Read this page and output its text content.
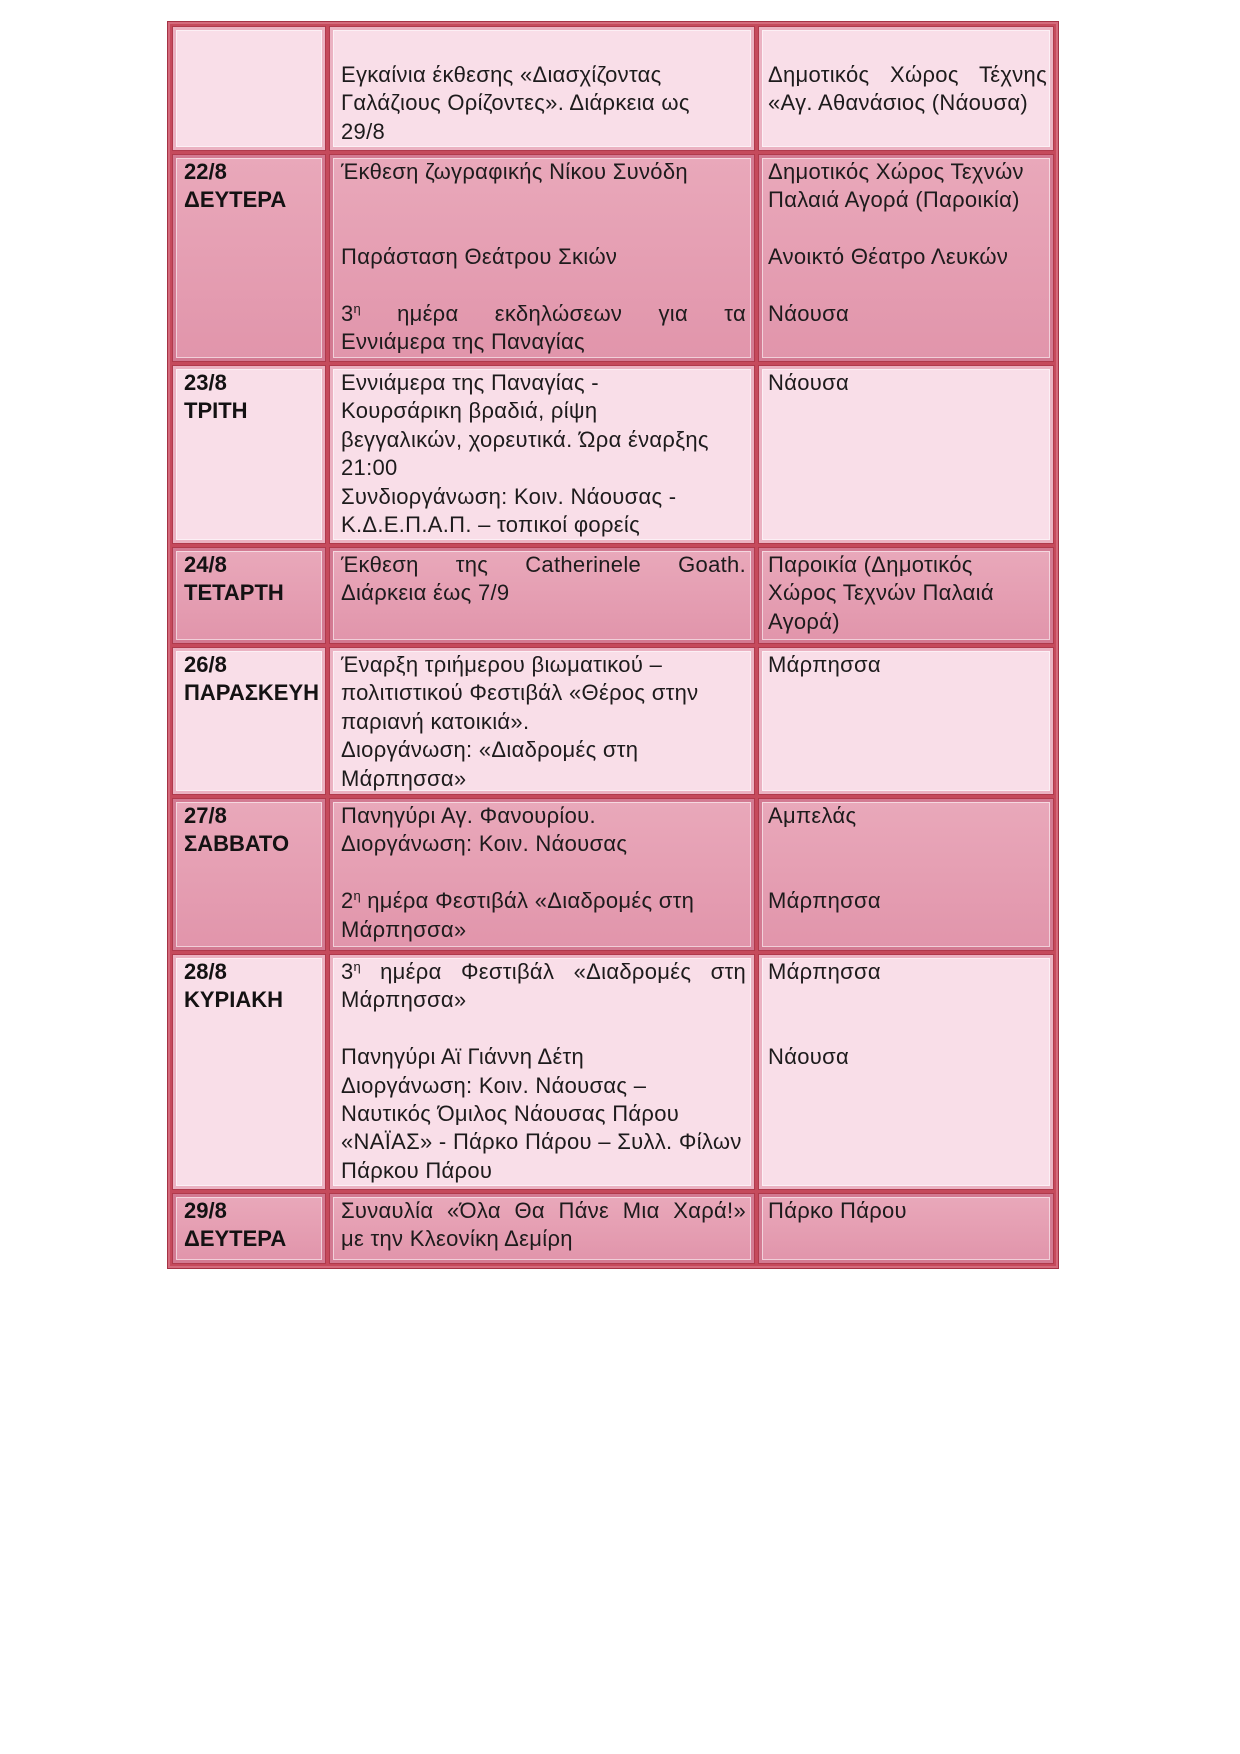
Εγκαίνια έκθεσης «Διασχίζοντας
Γαλάζιους Ορίζοντες». Διάρκεια ως
29/8
Δημοτικός Χώρος Τέχνης
«Αγ. Αθανάσιος (Νάουσα)
22/8
ΔΕΥΤΕΡΑ
Έκθεση ζωγραφικής Νίκου Συνόδη
Παράσταση Θεάτρου Σκιών
$3^\eta$ ημέρα εκδηλώσεων για τα
Εννιάμερα της Παναγίας
Δημοτικός Χώρος Τεχνών
Παλαιά Αγορά (Παροικία)
Ανοικτό Θέατρο Λευκών
Νάουσα
23/8
ΤΡΙΤΗ
Εννιάμερα της Παναγίας -
Κουρσάρικη βραδιά, ρίψη
βεγγαλικών, χορευτικά. Ώρα έναρξης
21:00
Συνδιοργάνωση: Κοιν. Νάουσας -
Κ.Δ.Ε.Π.Α.Π. – τοπικοί φορείς
Νάουσα
24/8
ΤΕΤΑΡΤΗ
Έκθεση της Catherinele Goath.
Διάρκεια έως 7/9
Παροικία (Δημοτικός
Χώρος Τεχνών Παλαιά
Αγορά)
26/8
ΠΑΡΑΣΚΕΥΗ
Έναρξη τριήμερου βιωματικού –
πολιτιστικού Φεστιβάλ «Θέρος στην
παριανή κατοικιά».
Διοργάνωση: «Διαδρομές στη
Μάρπησσα»
Μάρπησσα
27/8
ΣΑΒΒΑΤΟ
Πανηγύρι Αγ. Φανουρίου.
Διοργάνωση: Κοιν. Νάουσας
$2^\eta$ ημέρα Φεστιβάλ «Διαδρομές στη
Μάρπησσα»
Αμπελάς
Μάρπησσα
28/8
ΚΥΡΙΑΚΗ
$3^\eta$ ημέρα Φεστιβάλ «Διαδρομές στη
Μάρπησσα»
Πανηγύρι Αϊ Γιάννη Δέτη
Διοργάνωση: Κοιν. Νάουσας –
Ναυτικός Όμιλος Νάουσας Πάρου
«ΝΑΪΑΣ» - Πάρκο Πάρου – Συλλ. Φίλων
Πάρκου Πάρου
Μάρπησσα
Νάουσα
29/8
ΔΕΥΤΕΡΑ
Συναυλία «Όλα Θα Πάνε Μια Χαρά!»
με την Κλεονίκη Δεμίρη
Πάρκο Πάρου
